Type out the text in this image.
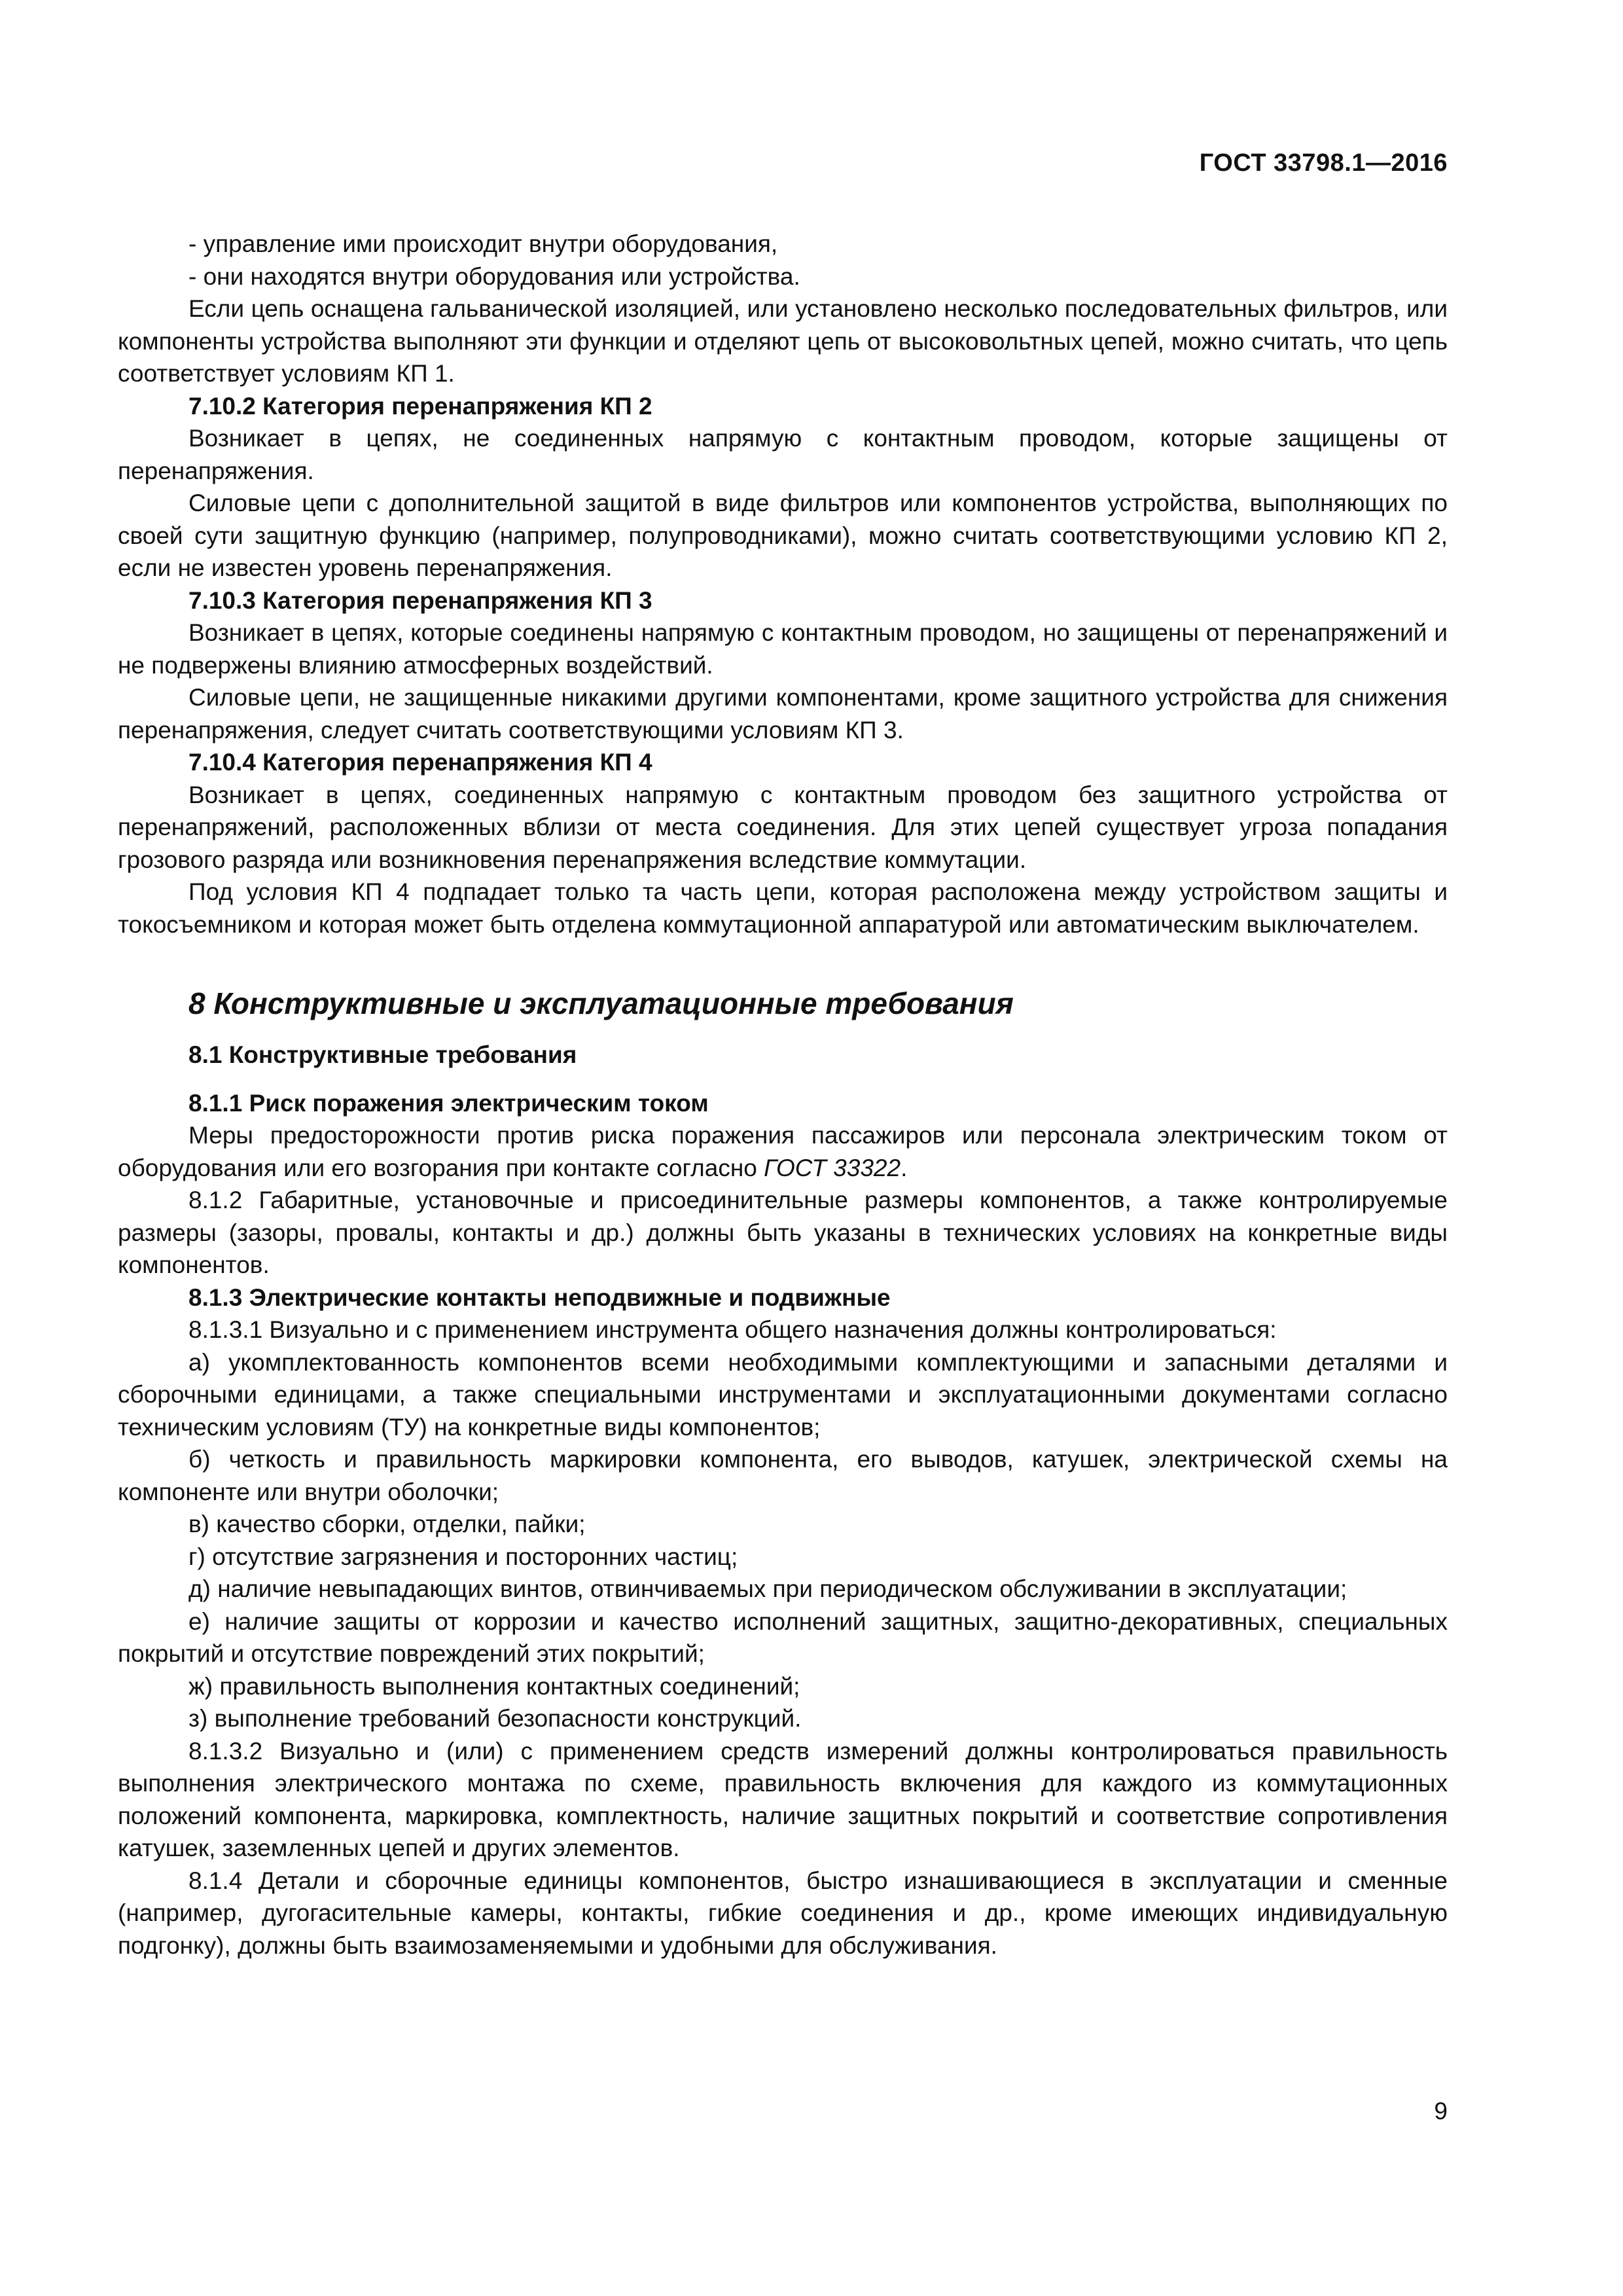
ГОСТ 33798.1—2016

- управление ими происходит внутри оборудования,

- они находятся внутри оборудования или устройства.

Если цепь оснащена гальванической изоляцией, или установлено несколько последовательных фильтров, или компоненты устройства выполняют эти функции и отделяют цепь от высоковольтных цепей, можно считать, что цепь соответствует условиям КП 1.

7.10.2 Категория перенапряжения КП 2

Возникает в цепях, не соединенных напрямую с контактным проводом, которые защищены от перенапряжения.

Силовые цепи с дополнительной защитой в виде фильтров или компонентов устройства, выполняющих по своей сути защитную функцию (например, полупроводниками), можно считать соответствующими условию КП 2, если не известен уровень перенапряжения.

7.10.3 Категория перенапряжения КП 3

Возникает в цепях, которые соединены напрямую с контактным проводом, но защищены от перенапряжений и не подвержены влиянию атмосферных воздействий.

Силовые цепи, не защищенные никакими другими компонентами, кроме защитного устройства для снижения перенапряжения, следует считать соответствующими условиям КП 3.

7.10.4 Категория перенапряжения КП 4

Возникает в цепях, соединенных напрямую с контактным проводом без защитного устройства от перенапряжений, расположенных вблизи от места соединения. Для этих цепей существует угроза попадания грозового разряда или возникновения перенапряжения вследствие коммутации.

Под условия КП 4 подпадает только та часть цепи, которая расположена между устройством защиты и токосъемником и которая может быть отделена коммутационной аппаратурой или автоматическим выключателем.

8 Конструктивные и эксплуатационные требования

8.1 Конструктивные требования

8.1.1 Риск поражения электрическим током

Меры предосторожности против риска поражения пассажиров или персонала электрическим током от оборудования или его возгорания при контакте согласно ГОСТ 33322.

8.1.2 Габаритные, установочные и присоединительные размеры компонентов, а также контролируемые размеры (зазоры, провалы, контакты и др.) должны быть указаны в технических условиях на конкретные виды компонентов.

8.1.3 Электрические контакты неподвижные и подвижные

8.1.3.1 Визуально и с применением инструмента общего назначения должны контролироваться:

а) укомплектованность компонентов всеми необходимыми комплектующими и запасными деталями и сборочными единицами, а также специальными инструментами и эксплуатационными документами согласно техническим условиям (ТУ) на конкретные виды компонентов;

б) четкость и правильность маркировки компонента, его выводов, катушек, электрической схемы на компоненте или внутри оболочки;

в) качество сборки, отделки, пайки;

г) отсутствие загрязнения и посторонних частиц;

д) наличие невыпадающих винтов, отвинчиваемых при периодическом обслуживании в эксплуатации;

е) наличие защиты от коррозии и качество исполнений защитных, защитно-декоративных, специальных покрытий и отсутствие повреждений этих покрытий;

ж) правильность выполнения контактных соединений;

з) выполнение требований безопасности конструкций.

8.1.3.2 Визуально и (или) с применением средств измерений должны контролироваться правильность выполнения электрического монтажа по схеме, правильность включения для каждого из коммутационных положений компонента, маркировка, комплектность, наличие защитных покрытий и соответствие сопротивления катушек, заземленных цепей и других элементов.

8.1.4 Детали и сборочные единицы компонентов, быстро изнашивающиеся в эксплуатации и сменные (например, дугогасительные камеры, контакты, гибкие соединения и др., кроме имеющих индивидуальную подгонку), должны быть взаимозаменяемыми и удобными для обслуживания.

9
